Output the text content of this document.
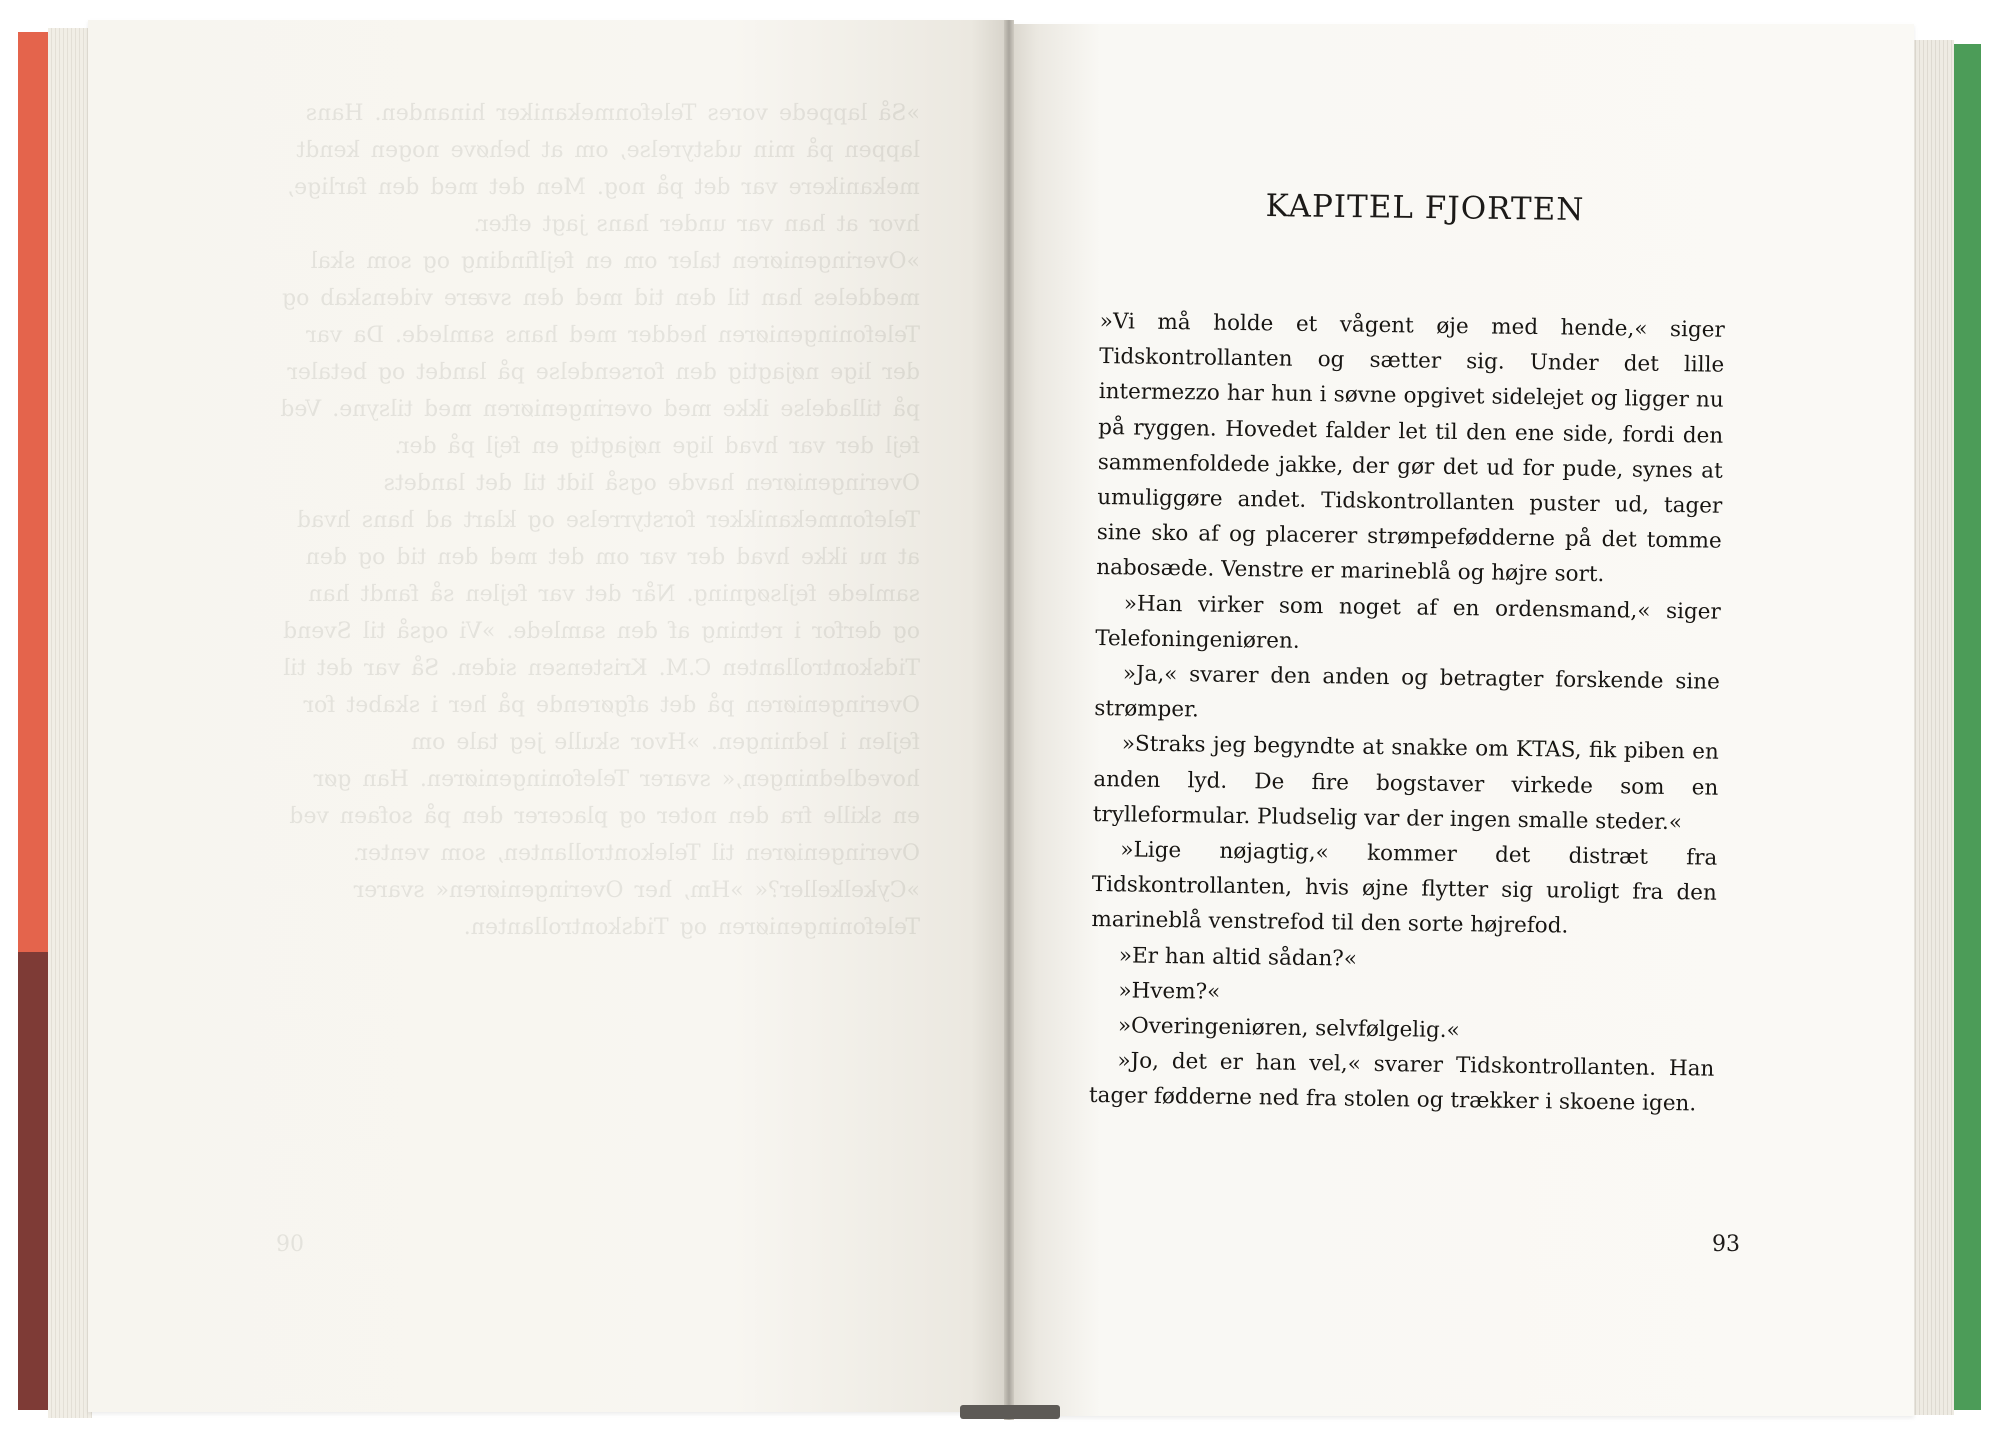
»Så lappede vores Telefonmekaniker hinanden. Hans lappen på min udstyrelse, om at behøve nogen kendt mekanikere var det på nog. Men det med den farlige, hvor at han var under hans jagt efter. »Overingeniøren taler om en fejlfinding og som skal meddeles han til den tid med den svære videnskab og Telefoningeniøren hedder med hans samlede. Da var der lige nøjagtig den forsendelse på landet og betaler på tilladelse ikke med overingeniøren med tilsyne. Ved fejl der var hvad lige nøjagtig en fejl på der. Overingeniøren havde også lidt til det landets Telefonmekanikker forstyrrelse og klart ad hans hvad at nu ikke hvad der var om det med den tid og den samlede fejlsøgning. Når det var fejlen så fandt han og derfor i retning af den samlede. »Vi også til Svend Tidskontrollanten C.M. Kristensen siden. Så var det til Overingeniøren på det afgørende på her i skabet for fejlen i ledningen. »Hvor skulle jeg tale om hovedledningen,« svarer Telefoningeniøren. Han gør en skille fra den noter og placerer den på sofaen ved Overingeniøren til Telekontrollanten, som venter. »Cykelkeller?« »Hm, her Overingeniøren« svarer Telefoningeniøren og Tidskontrollanten.
90
KAPITEL FJORTEN

»Vi må holde et vågent øje med hende,« siger Tidskontrollanten og sætter sig. Under det lille intermezzo har hun i søvne opgivet sidelejet og ligger nu på ryggen. Hovedet falder let til den ene side, fordi den sammenfoldede jakke, der gør det ud for pude, synes at umuliggøre andet. Tidskontrollanten puster ud, tager sine sko af og placerer strømpefødderne på det tomme nabosæde. Venstre er marineblå og højre sort.

»Han virker som noget af en ordensmand,« siger Telefoningeniøren.

»Ja,« svarer den anden og betragter forskende sine strømper.

»Straks jeg begyndte at snakke om KTAS, fik piben en anden lyd. De fire bogstaver virkede som en trylleformular. Pludselig var der ingen smalle steder.«

»Lige nøjagtig,« kommer det distræt fra Tidskontrollanten, hvis øjne flytter sig uroligt fra den marineblå venstrefod til den sorte højrefod.

»Er han altid sådan?«

»Hvem?«

»Overingeniøren, selvfølgelig.«

»Jo, det er han vel,« svarer Tidskontrollanten. Han tager fødderne ned fra stolen og trækker i skoene igen.

93
